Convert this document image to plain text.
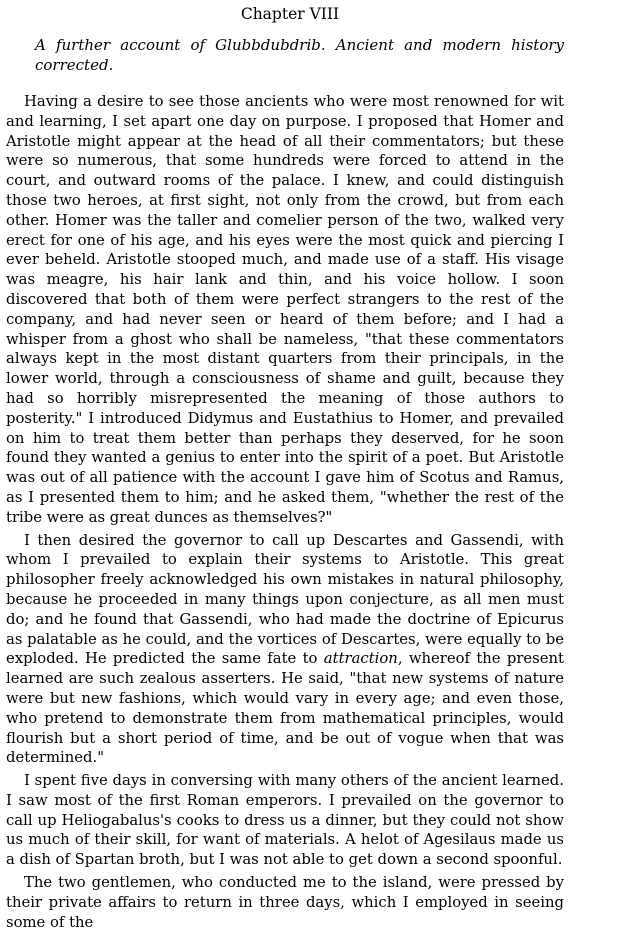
Chapter VIII
A further account of Glubbdubdrib. Ancient and modern history corrected.

Having a desire to see those ancients who were most renowned for wit and learning, I set apart one day on purpose. I proposed that Homer and Aristotle might appear at the head of all their commentators; but these were so numerous, that some hundreds were forced to attend in the court, and outward rooms of the palace. I knew, and could distinguish those two heroes, at first sight, not only from the crowd, but from each other. Homer was the taller and comelier person of the two, walked very erect for one of his age, and his eyes were the most quick and piercing I ever beheld. Aristotle stooped much, and made use of a staff. His visage was meagre, his hair lank and thin, and his voice hollow. I soon discovered that both of them were perfect strangers to the rest of the company, and had never seen or heard of them before; and I had a whisper from a ghost who shall be nameless, "that these commentators always kept in the most distant quarters from their principals, in the lower world, through a consciousness of shame and guilt, because they had so horribly misrepresented the meaning of those authors to posterity." I introduced Didymus and Eustathius to Homer, and prevailed on him to treat them better than perhaps they deserved, for he soon found they wanted a genius to enter into the spirit of a poet. But Aristotle was out of all patience with the account I gave him of Scotus and Ramus, as I presented them to him; and he asked them, "whether the rest of the tribe were as great dunces as themselves?"

I then desired the governor to call up Descartes and Gassendi, with whom I prevailed to explain their systems to Aristotle. This great philosopher freely acknowledged his own mistakes in natural philosophy, because he proceeded in many things upon conjecture, as all men must do; and he found that Gassendi, who had made the doctrine of Epicurus as palatable as he could, and the vortices of Descartes, were equally to be exploded. He predicted the same fate to attraction, whereof the present learned are such zealous asserters. He said, "that new systems of nature were but new fashions, which would vary in every age; and even those, who pretend to demonstrate them from mathematical principles, would flourish but a short period of time, and be out of vogue when that was determined."

I spent five days in conversing with many others of the ancient learned. I saw most of the first Roman emperors. I prevailed on the governor to call up Heliogabalus's cooks to dress us a dinner, but they could not show us much of their skill, for want of materials. A helot of Agesilaus made us a dish of Spartan broth, but I was not able to get down a second spoonful.

The two gentlemen, who conducted me to the island, were pressed by their private affairs to return in three days, which I employed in seeing some of the
